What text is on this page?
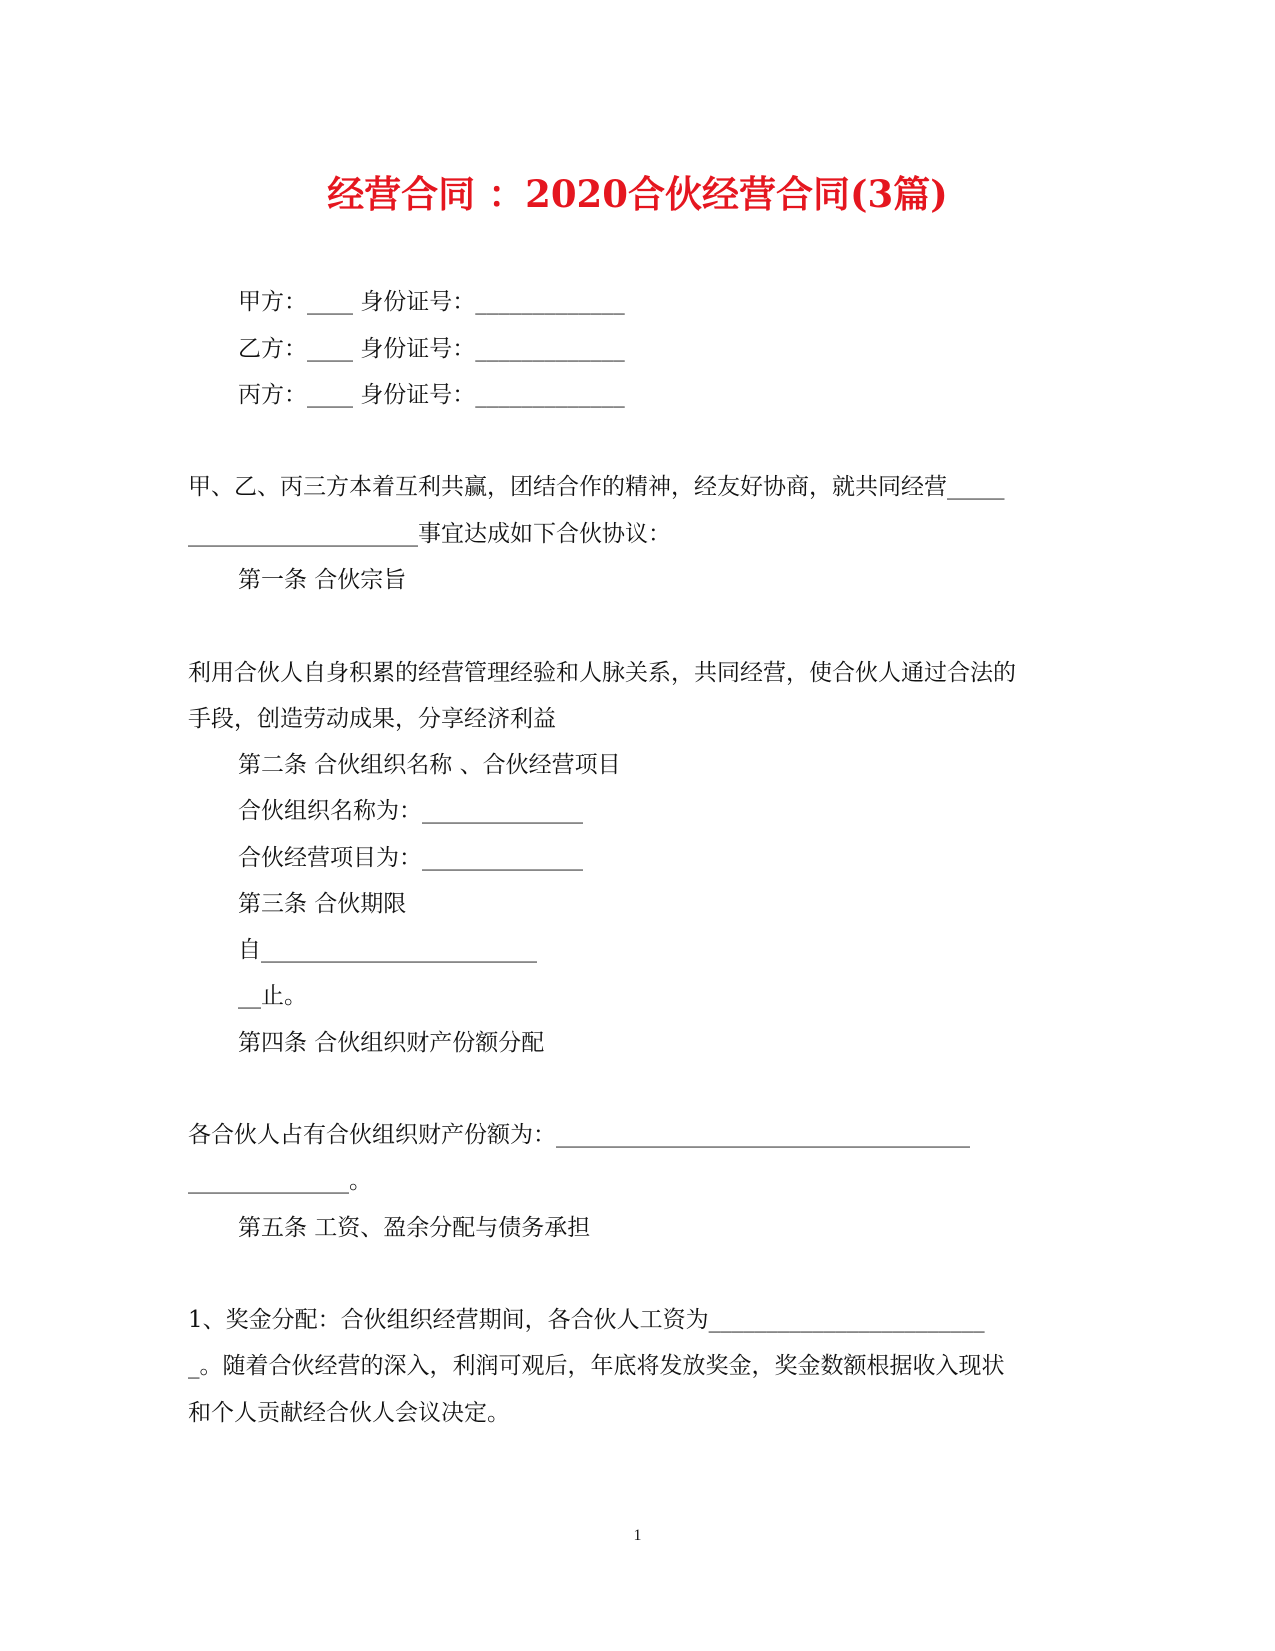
经营合同 ：2020合伙经营合同(3篇)
甲方：____ 身份证号：_____________
乙方：____ 身份证号：_____________
丙方：____ 身份证号：_____________
甲、乙、丙三方本着互利共赢，团结合作的精神，经友好协商，就共同经营_____
____________________事宜达成如下合伙协议：
第一条 合伙宗旨
利用合伙人自身积累的经营管理经验和人脉关系，共同经营，使合伙人通过合法的
手段，创造劳动成果，分享经济利益
第二条 合伙组织名称 、合伙经营项目
合伙组织名称为：______________
合伙经营项目为：______________
第三条 合伙期限
自________________________
__止。
第四条 合伙组织财产份额分配
各合伙人占有合伙组织财产份额为：____________________________________
______________。
第五条 工资、盈余分配与债务承担
1、奖金分配：合伙组织经营期间，各合伙人工资为________________________
_。随着合伙经营的深入，利润可观后，年底将发放奖金，奖金数额根据收入现状
和个人贡献经合伙人会议决定。
1
